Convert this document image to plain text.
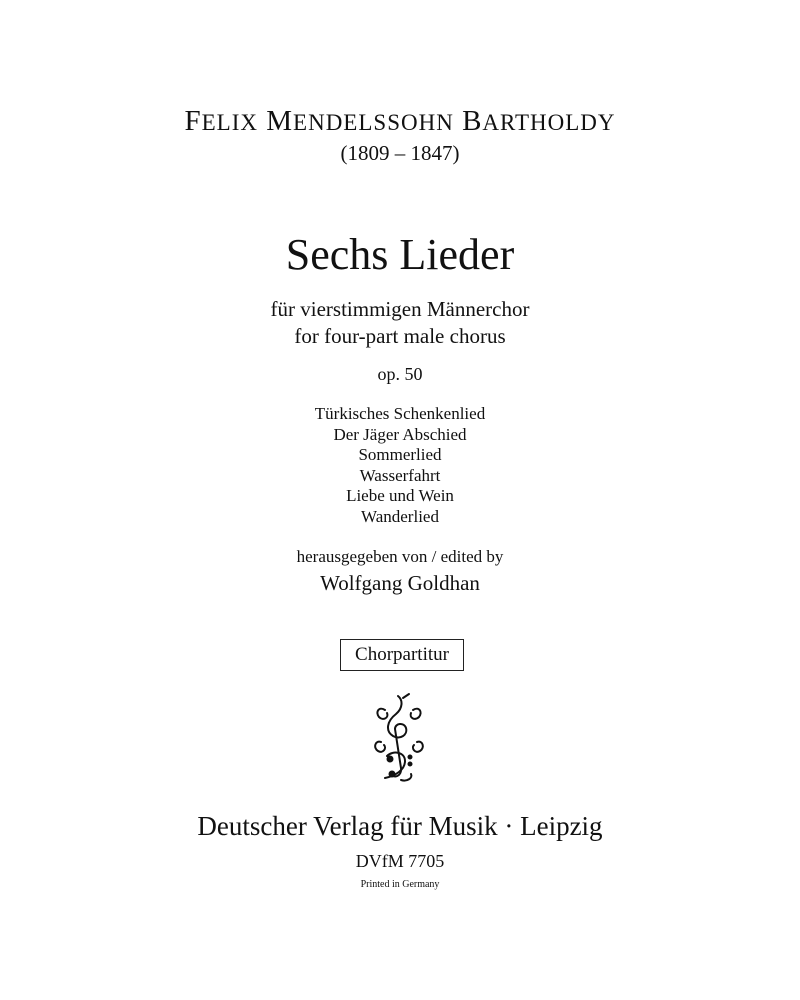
FELIX MENDELSSOHN BARTHOLDY
(1809 – 1847)
Sechs Lieder
für vierstimmigen Männerchor
for four-part male chorus
op. 50
Türkisches Schenkenlied
Der Jäger Abschied
Sommerlied
Wasserfahrt
Liebe und Wein
Wanderlied
herausgegeben von / edited by
Wolfgang Goldhan
Chorpartitur
Deutscher Verlag für Musik · Leipzig
DVfM 7705
Printed in Germany
